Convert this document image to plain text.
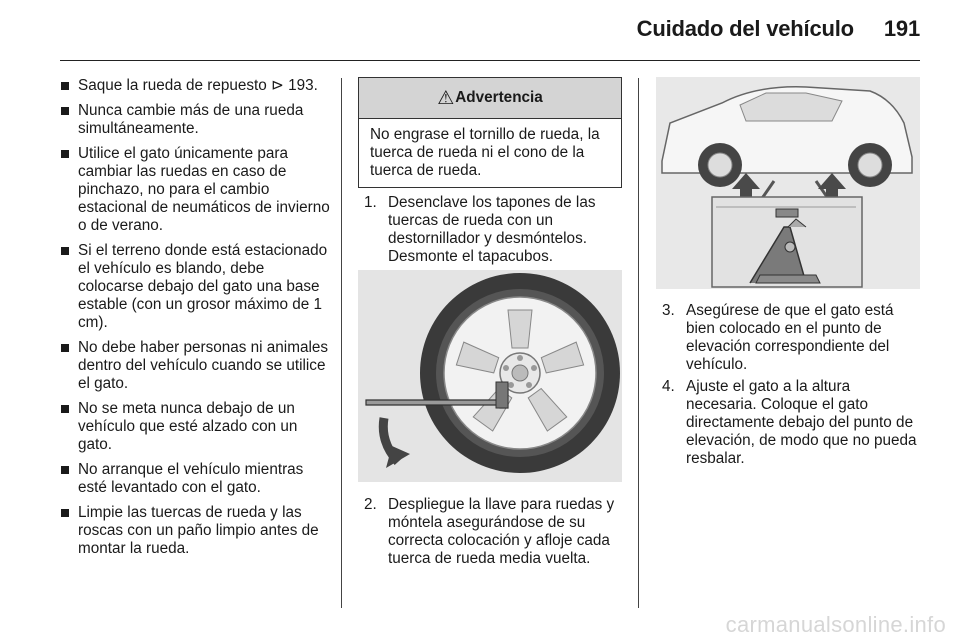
Cuidado del vehículo 191
Saque la rueda de repuesto ⊳ 193.
Nunca cambie más de una rueda simultáneamente.
Utilice el gato únicamente para cambiar las ruedas en caso de pinchazo, no para el cambio estacional de neumáticos de invierno o de verano.
Si el terreno donde está estacionado el vehículo es blando, debe colocarse debajo del gato una base estable (con un grosor máximo de 1 cm).
No debe haber personas ni animales dentro del vehículo cuando se utilice el gato.
No se meta nunca debajo de un vehículo que esté alzado con un gato.
No arranque el vehículo mientras esté levantado con el gato.
Limpie las tuercas de rueda y las roscas con un paño limpio antes de montar la rueda.
⚠ Advertencia
No engrase el tornillo de rueda, la tuerca de rueda ni el cono de la tuerca de rueda.
1. Desenclave los tapones de las tuercas de rueda con un destornillador y desmóntelos. Desmonte el tapacubos.
2. Despliegue la llave para ruedas y móntela asegurándose de su correcta colocación y afloje cada tuerca de rueda media vuelta.
3. Asegúrese de que el gato está bien colocado en el punto de elevación correspondiente del vehículo.
4. Ajuste el gato a la altura necesaria. Coloque el gato directamente debajo del punto de elevación, de modo que no pueda resbalar.
carmanualsonline.info
